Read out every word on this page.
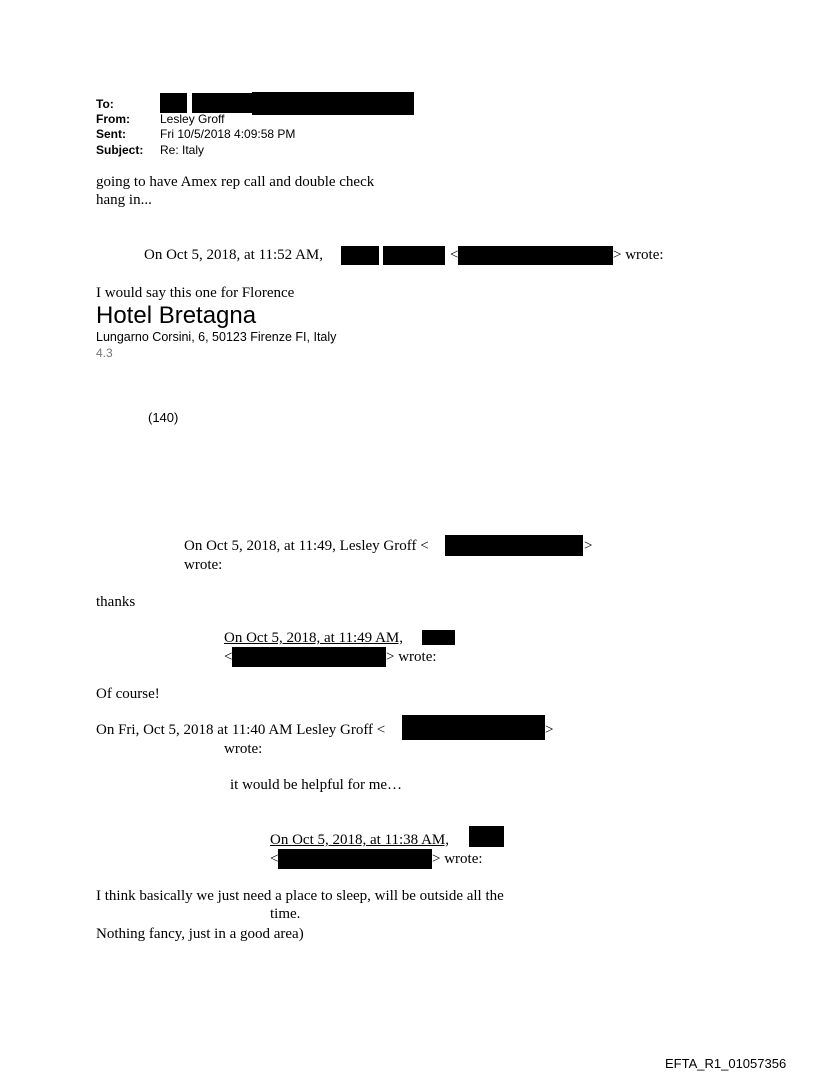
To:
From:	Lesley Groff
Sent:	Fri 10/5/2018 4:09:58 PM
Subject: Re: Italy
going to have Amex rep call and double check
hang in...
On Oct 5, 2018, at 11:52 AM,	<	> wrote:
I would say this one for Florence
Hotel Bretagna
Lungarno Corsini, 6, 50123 Firenze FI, Italy
4.3
(140)
On Oct 5, 2018, at 11:49, Lesley Groff <	>
wrote:
thanks
On Oct 5, 2018, at 11:49 AM,
<	> wrote:
Of course!
On Fri, Oct 5, 2018 at 11:40 AM Lesley Groff <	>
wrote:
it would be helpful for me…
On Oct 5, 2018, at 11:38 AM,
<	> wrote:
I think basically we just need a place to sleep, will be outside all the
time.
Nothing fancy, just in a good area)
EFTA_R1_01057356
